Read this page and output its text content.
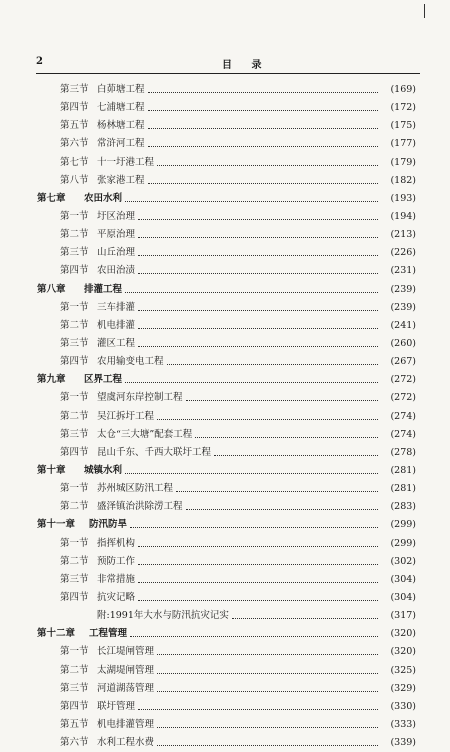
2	目 录
第三节 白茆塘工程	(169)
第四节 七浦塘工程	(172)
第五节 杨林塘工程	(175)
第六节 常浒河工程	(177)
第七节 十一圩港工程	(179)
第八节 张家港工程	(182)
第七章 农田水利	(193)
第一节 圩区治理	(194)
第二节 平原治理	(213)
第三节 山丘治理	(226)
第四节 农田治渍	(231)
第八章 排灌工程	(239)
第一节 三车排灌	(239)
第二节 机电排灌	(241)
第三节 灌区工程	(260)
第四节 农用输变电工程	(267)
第九章 区界工程	(272)
第一节 望虞河东岸控制工程	(272)
第二节 吴江拆圩工程	(274)
第三节 太仓“三大塘”配套工程	(274)
第四节 昆山千东、千西大联圩工程	(278)
第十章 城镇水利	(281)
第一节 苏州城区防汛工程	(281)
第二节 盛泽镇治洪除涝工程	(283)
第十一章 防汛防旱	(299)
第一节 指挥机构	(299)
第二节 预防工作	(302)
第三节 非常措施	(304)
第四节 抗灾记略	(304)
附:1991年大水与防汛抗灾记实	(317)
第十二章 工程管理	(320)
第一节 长江堤闸管理	(320)
第二节 太湖堤闸管理	(325)
第三节 河道湖荡管理	(329)
第四节 联圩管理	(330)
第五节 机电排灌管理	(333)
第六节 水利工程水费	(339)
